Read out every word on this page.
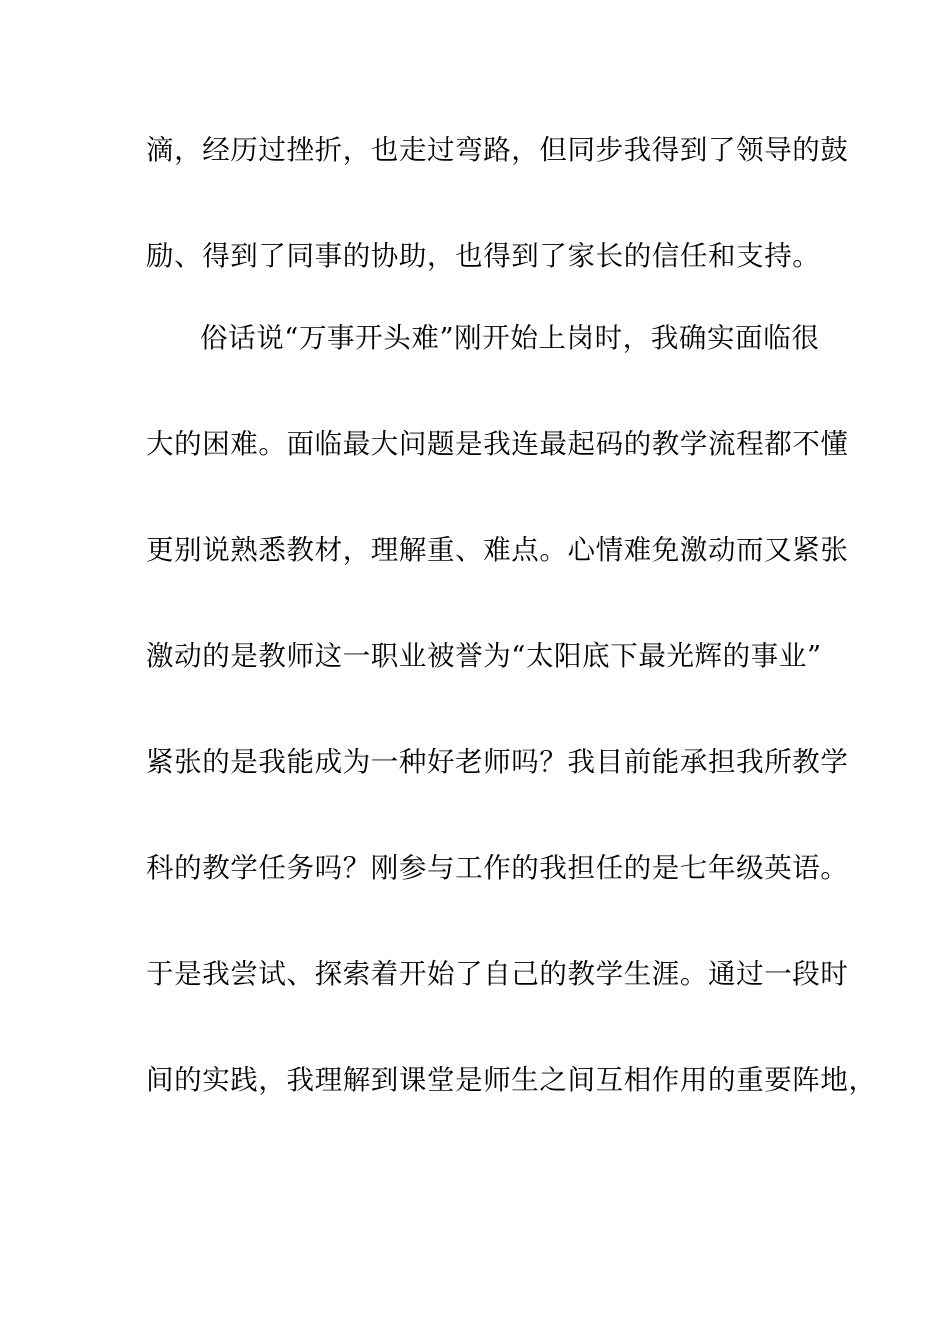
滴，经历过挫折，也走过弯路，但同步我得到了领导的鼓
励、得到了同事的协助，也得到了家长的信任和支持。
俗话说“万事开头难”刚开始上岗时，我确实面临很
大的困难。面临最大问题是我连最起码的教学流程都不懂
更别说熟悉教材，理解重、难点。心情难免激动而又紧张
激动的是教师这一职业被誉为“太阳底下最光辉的事业”
紧张的是我能成为一种好老师吗？我目前能承担我所教学
科的教学任务吗？刚参与工作的我担任的是七年级英语。
于是我尝试、探索着开始了自己的教学生涯。通过一段时
间的实践，我理解到课堂是师生之间互相作用的重要阵地，
